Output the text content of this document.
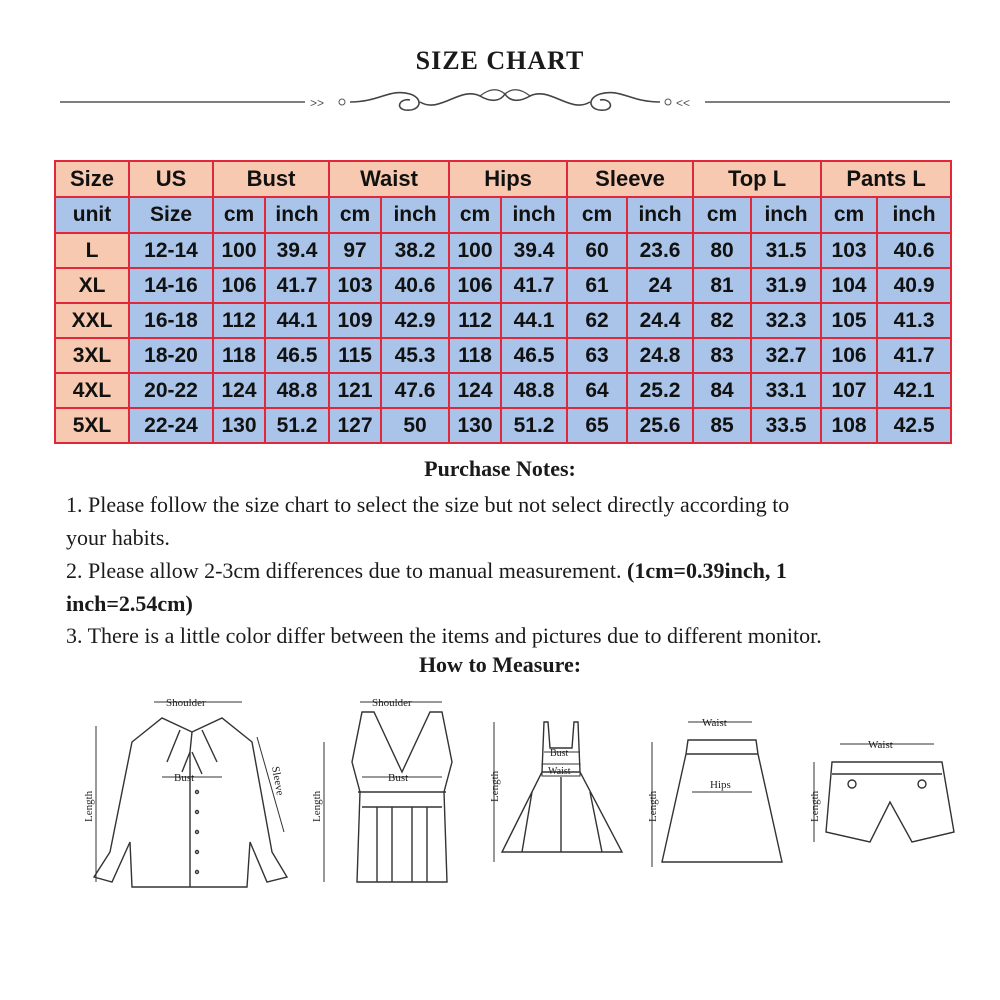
SIZE CHART
>>	<<
Size	US	Bust		Waist		Hips		Sleeve		Top L		Pants L	
unit	Size	cm	inch	cm	inch	cm	inch	cm	inch	cm	inch	cm	inch
L	12-14	100	39.4	97	38.2	100	39.4	60	23.6	80	31.5	103	40.6
XL	14-16	106	41.7	103	40.6	106	41.7	61	24	81	31.9	104	40.9
XXL	16-18	112	44.1	109	42.9	112	44.1	62	24.4	82	32.3	105	41.3
3XL	18-20	118	46.5	115	45.3	118	46.5	63	24.8	83	32.7	106	41.7
4XL	20-22	124	48.8	121	47.6	124	48.8	64	25.2	84	33.1	107	42.1
5XL	22-24	130	51.2	127	50	130	51.2	65	25.6	85	33.5	108	42.5
Purchase Notes:
1. Please follow the size chart to select the size but not select directly according to
your habits.
2. Please allow 2-3cm differences due to manual measurement. (1cm=0.39inch, 1
inch=2.54cm)
3. There is a little color differ between the items and pictures due to different monitor.
How to Measure:
Shoulder
Length
Bust	Sleeve
Shoulder
Length
Bust	Length
Bust
Waist
Waist
Length
Hips
Waist
Length
